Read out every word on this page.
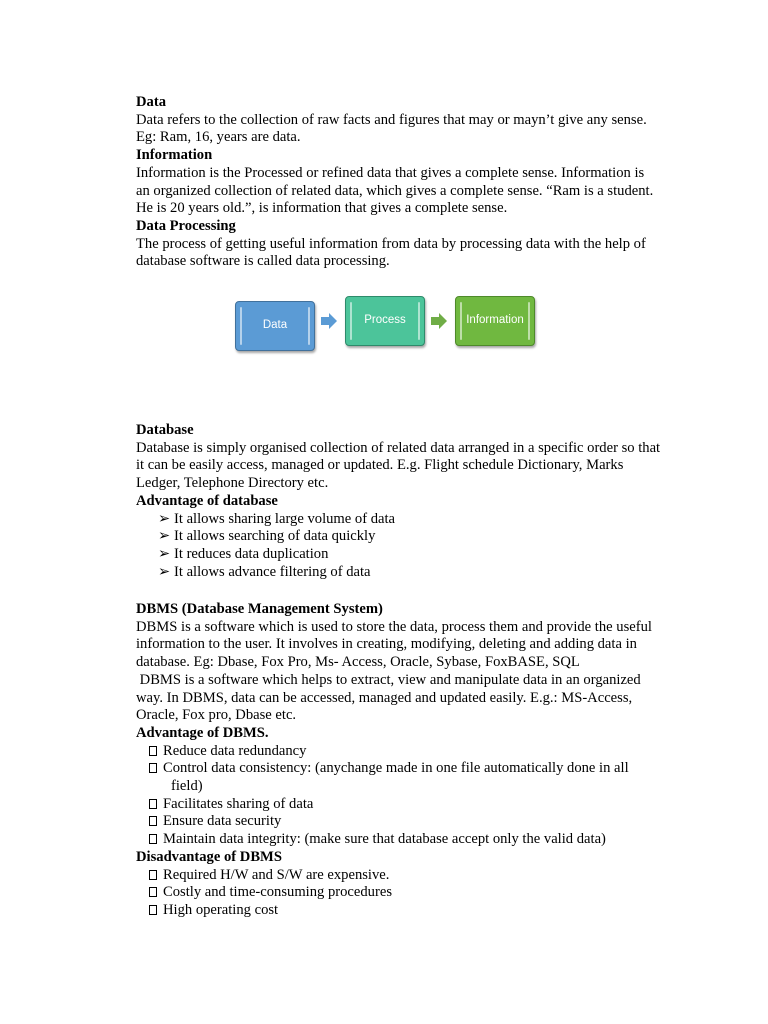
Data

Data refers to the collection of raw facts and figures that may or mayn’t give any sense.

Eg: Ram, 16, years are data.

Information

Information is the Processed or refined data that gives a complete sense. Information is

an organized collection of related data, which gives a complete sense. “Ram is a student.

He is 20 years old.”, is information that gives a complete sense.

Data Processing

The process of getting useful information from data by processing data with the help of

database software is called data processing.

Data	Process	Information
Database

Database is simply organised collection of related data arranged in a specific order so that

it can be easily access, managed or updated. E.g. Flight schedule Dictionary, Marks

Ledger, Telephone Directory etc.

Advantage of database
➢ It allows sharing large volume of data
➢ It allows searching of data quickly
➢ It reduces data duplication
➢ It allows advance filtering of data
DBMS (Database Management System)

DBMS is a software which is used to store the data, process them and provide the useful

information to the user. It involves in creating, modifying, deleting and adding data in

database. Eg: Dbase, Fox Pro, Ms- Access, Oracle, Sybase, FoxBASE, SQL

DBMS is a software which helps to extract, view and manipulate data in an organized

way. In DBMS, data can be accessed, managed and updated easily. E.g.: MS-Access,

Oracle, Fox pro, Dbase etc.

Advantage of DBMS.
Reduce data redundancy
Control data consistency: (anychange made in one file automatically done in all
field)
Facilitates sharing of data
Ensure data security
Maintain data integrity: (make sure that database accept only the valid data)
Disadvantage of DBMS
Required H/W and S/W are expensive.
Costly and time-consuming procedures
High operating cost
